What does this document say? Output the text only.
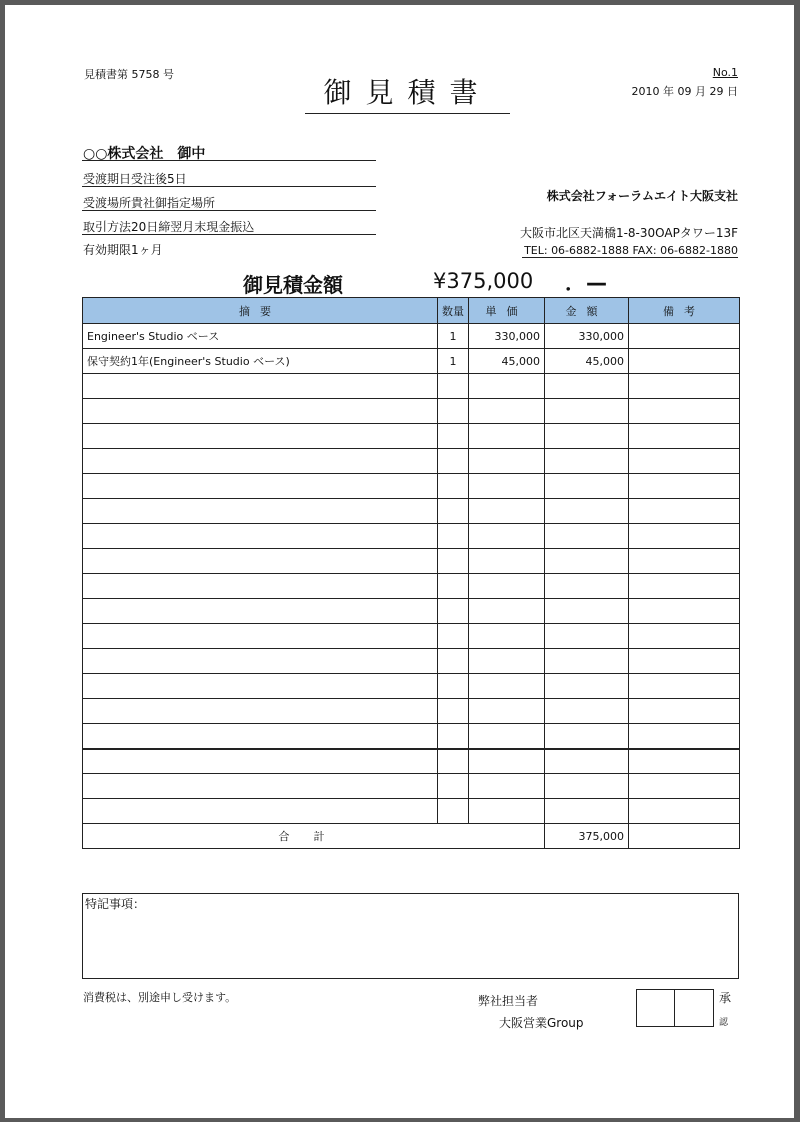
見積書第 5758 号
御見積書
No.1
2010 年 09 月 29 日
○○株式会社　御中
受渡期日受注後5日
受渡場所貴社御指定場所
取引方法20日締翌月末現金振込
有効期限1ヶ月
株式会社フォーラムエイト大阪支社
大阪市北区天満橋1-8-30OAPタワー13F
TEL: 06-6882-1888 FAX: 06-6882-1880
御見積金額	¥375,000 ．—
摘要	数量	単価	金額	備考
Engineer's Studio ベース	1	330,000	330,000	
保守契約1年(Engineer's Studio ベース)	1	45,000	45,000	

合計			375,000	
特記事項：
消費税は、別途申し受けます。	弊社担当者
大阪営業Group
承
認
